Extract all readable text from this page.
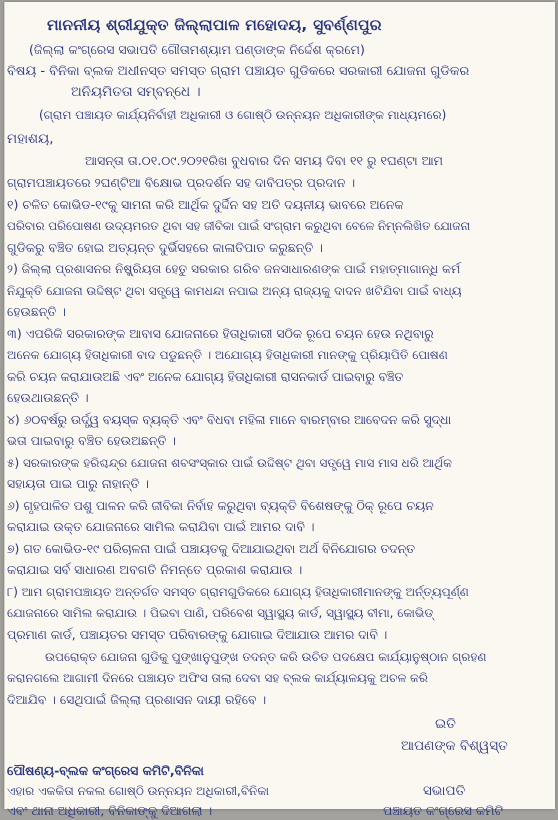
ମାନନୀୟ ଶ୍ରୀଯୁକ୍ତ ଜିଲ୍ଲାପାଳ ମହୋଦୟ, ସୁବର୍ଣ୍ଣପୁର
(ଜିଲ୍ଲା କଂଗ୍ରେସ ସଭାପତି ଗୌତାମଶ୍ୟାମ ପଣ୍ଡାଙ୍କ ନିର୍ଦ୍ଦେଶ କ୍ରମେ)
ବିଷୟ - ବିନିକା ବ୍ଲକ ଅଧୀନସ୍ତ ସମସ୍ତ ଗ୍ରାମ ପଞ୍ଚାୟତ ଗୁଡିକରେ ସରକାରୀ ଯୋଜନା ଗୁଡିକର
ଅନିୟମିତତା ସମ୍ବନ୍ଧେ ।
(ଗ୍ରାମ ପଞ୍ଚାୟତ କାର୍ଯ୍ୟନିର୍ବାହୀ ଅଧିକାରୀ ଓ ଗୋଷ୍ଠି ଉନ୍ନୟନ ଅଧିକାରୀଙ୍କ ମାଧ୍ୟମରେ)
ମହାଶୟ,
ଆସନ୍ତା ତା.୦୧.୦୯.୨୦୨୧ରିଖ ବୁଧବାର ଦିନ ସମୟ ଦିବା ୧୧ ରୁ ୧ଘଣ୍ଟା ଆମ
ଗ୍ରାମପଞ୍ଚାୟତରେ ୨ଘଣ୍ଟିଆ ବିକ୍ଷୋଭ ପ୍ରଦର୍ଶନ ସହ ଦାବିପତ୍ର ପ୍ରଦାନ ।
୧) ଚଳିତ କୋଭିଡ-୧୯କୁ ସାମନା କରି ଆର୍ଥିକ ଦୁର୍ଦ୍ଦିନ ସହ ଅତି ଦୟନୀୟ ଭାବରେ ଅନେକ
ପରିବାର ପରିପୋଷଣ ଉଦ୍ୟମରତ ଥିବା ସହ ଜୀବିକା ପାଇଁ ସଂଗ୍ରାମ କରୁଥିବା ବେଳେ ନିମ୍ନଲିଖିତ ଯୋଜନା
ଗୁଡିକରୁ ବଞ୍ଚିତ ହୋଇ ଅତ୍ୟନ୍ତ ଦୁର୍ଭିସହରେ କାଳାତିପାତ କରୁଛନ୍ତି ।
୨) ଜିଲ୍ଲା ପ୍ରଶାସନର ନିଷ୍କ୍ରିୟତା ହେତୁ ସରକାର ଗରିବ ଜନସାଧାରଣଙ୍କ ପାଇଁ ମହାତ୍ମାଗାନ୍ଧି କର୍ମ
ନିଯୁକ୍ତି ଯୋଜନା ଉଦ୍ଦିଷ୍ଟ ଥିବା ସତ୍ତ୍ୱେ କାମଧନ୍ଦା ନପାଇ ଅନ୍ୟ ରାଜ୍ୟକୁ ଦାଦନ ଖଟିଯିବା ପାଇଁ ବାଧ୍ୟ
ହେଉଛନ୍ତି ।
୩) ଏପରିକି ସରକାରଙ୍କ ଆବାସ ଯୋଜନାରେ ହିତାଧିକାରୀ ସଠିକ ରୂପେ ଚୟନ ହେଉ ନଥିବାରୁ
ଅନେକ ଯୋଗ୍ୟ ହିତାଧିକାରୀ ବାଦ ପଡୁଛନ୍ତି । ଅଯୋଗ୍ୟ ହିତାଧିକାରୀ ମାନଙ୍କୁ ପ୍ରିୟାପିତି ପୋଷଣ
କରି ଚୟନ କରାଯାଉଅଛି ଏବଂ ଅନେକ ଯୋଗ୍ୟ ହିତାଧିକାରୀ ରାସନକାର୍ଡ ପାଇବାରୁ ବଞ୍ଚିତ
ହେଉଥାଉଛନ୍ତି ।
୪) ୬୦ବର୍ଷରୁ ଉର୍ଦ୍ଧ୍ୱ ବୟସ୍କ ବ୍ୟକ୍ତି ଏବଂ ବିଧବା ମହିଳା ମାନେ ବାରମ୍ବାର ଆବେଦନ କରି ସୁଦ୍ଧା
ଭତା ପାଇବାରୁ ବଞ୍ଚିତ ହେଉଅଛନ୍ତି ।
୫) ସରକାରଙ୍କ ହରିଶ୍ଚନ୍ଦ୍ର ଯୋଜନା ଶବସଂସ୍କାର ପାଇଁ ଉଦ୍ଦିଷ୍ଟ ଥିବା ସତ୍ତ୍ୱେ ମାସ ମାସ ଧରି ଆର୍ଥିକ
ସହାୟତା ପାଇ ପାରୁ ନାହାନ୍ତି ।
୬) ଗୃହପାଳିତ ପଶୁ ପାଳନ କରି ଜୀବିକା ନିର୍ବାହ କରୁଥିବା ବ୍ୟକ୍ତି ବିଶେଷଙ୍କୁ ଠିକ୍ ରୂପେ ଚୟନ
କରାଯାଇ ଉକ୍ତ ଯୋଜନାରେ ସାମିଲ କରାଯିବା ପାଇଁ ଆମର ଦାବି ।
୭) ଗତ କୋଭିଡ-୧୯ ପରିଚାଳନା ପାଇଁ ପଞ୍ଚାୟତକୁ ଦିଆଯାଇଥିବା ଅର୍ଥ ବିନିଯୋଗର ତଦନ୍ତ
କରାଯାଇ ସର୍ବ ସାଧାରଣ ଅବଗତି ନିମନ୍ତେ ପ୍ରକାଶ କରାଯାଉ ।
୮) ଆମ ଗ୍ରାମପଞ୍ଚାୟତ ଅନ୍ତର୍ଗତ ସମସ୍ତ ଗ୍ରାମଗୁଡିକରେ ଯୋଗ୍ୟ ହିତାଧିକାରୀମାନଙ୍କୁ ଅର୍ନ୍ତ୍ୟପୂର୍ଣ୍ଣ
ଯୋଜନାରେ ସାମିଲ କରାଯାଉ । ପିଇବା ପାଣି, ପରିବେଶ ସ୍ୱାସ୍ଥ୍ୟ କାର୍ଡ, ସ୍ୱାସ୍ଥ୍ୟ ବୀମା, କୋଭିଡ୍
ପ୍ରମାଣ କାର୍ଡ, ପଞ୍ଚାୟତର ସମସ୍ତ ପରିବାରଙ୍କୁ ଯୋଗାଇ ଦିଆଯାଉ ଆମର ଦାବି ।
ଉପରୋକ୍ତ ଯୋଜନା ଗୁଡିକୁ ପୁଙ୍ଖାନୁପୁଙ୍ଖ ତଦନ୍ତ କରି ଉଚିତ ପଦକ୍ଷେପ କାର୍ଯ୍ୟାନୁଷ୍ଠାନ ଗ୍ରହଣ
କରାନଗଲେ ଆଗାମୀ ଦିନରେ ପଞ୍ଚାୟତ ଅଫିସ ତାଲା ଦେବା ସହ ବ୍ଲକ କାର୍ଯ୍ୟାଳୟକୁ ଅଚଳ କରି
ଦିଆଯିବ । ସେଥିପାଇଁ ଜିଲ୍ଲା ପ୍ରଶାସନ ଦାୟୀ ରହିବେ ।
ଇତି
ଆପଣଙ୍କ ବିଶ୍ୱସ୍ତ
ପୌଷଣ୍ୟ-ବ୍ଲକ କଂଗ୍ରେସ କମିଟି,ବିନିକା
ଏହାର ଏକକିତା ନକଲ ଗୋଷ୍ଠି ଉନ୍ନୟନ ଅଧିକାରୀ,ବିନିକା
ଏବଂ ଥାନା ଅଧିକାରୀ, ବିନିକାଙ୍କୁ ଦିଆଗଲା ।
ସଭାପତି
ପଞ୍ଚାୟତ କଂଗ୍ରେସ କମିଟି
